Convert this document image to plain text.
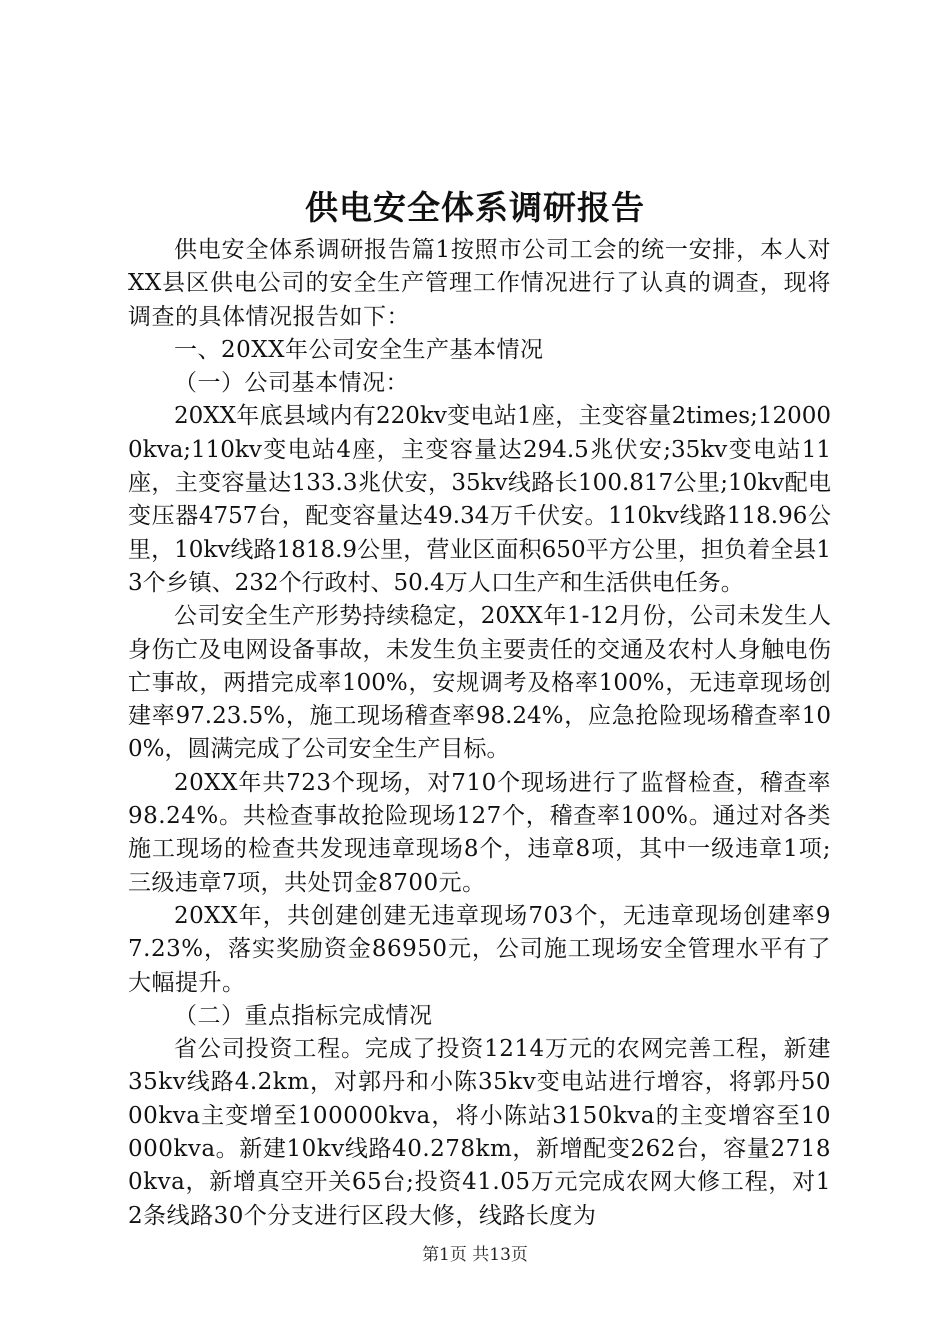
供电安全体系调研报告

供电安全体系调研报告篇1按照市公司工会的统一安排，本人对XX县区供电公司的安全生产管理工作情况进行了认真的调查，现将调查的具体情况报告如下：

一、20XX年公司安全生产基本情况

（一）公司基本情况：

20XX年底县域内有220kv变电站1座，主变容量2times;120000kva;110kv变电站4座，主变容量达294.5兆伏安;35kv变电站11座，主变容量达133.3兆伏安，35kv线路长100.817公里;10kv配电变压器4757台，配变容量达49.34万千伏安。110kv线路118.96公里，10kv线路1818.9公里，营业区面积650平方公里，担负着全县13个乡镇、232个行政村、50.4万人口生产和生活供电任务。

公司安全生产形势持续稳定，20XX年1-12月份，公司未发生人身伤亡及电网设备事故，未发生负主要责任的交通及农村人身触电伤亡事故，两措完成率100%，安规调考及格率100%，无违章现场创建率97.23.5%，施工现场稽查率98.24%，应急抢险现场稽查率100%，圆满完成了公司安全生产目标。

20XX年共723个现场，对710个现场进行了监督检查，稽查率98.24%。共检查事故抢险现场127个，稽查率100%。通过对各类施工现场的检查共发现违章现场8个，违章8项，其中一级违章1项;三级违章7项，共处罚金8700元。

20XX年，共创建创建无违章现场703个，无违章现场创建率97.23%，落实奖励资金86950元，公司施工现场安全管理水平有了大幅提升。

（二）重点指标完成情况

省公司投资工程。完成了投资1214万元的农网完善工程，新建35kv线路4.2km，对郭丹和小陈35kv变电站进行增容，将郭丹5000kva主变增至100000kva，将小陈站3150kva的主变增容至10000kva。新建10kv线路40.278km，新增配变262台，容量27180kva，新增真空开关65台;投资41.05万元完成农网大修工程，对12条线路30个分支进行区段大修，线路长度为

第1页 共13页
